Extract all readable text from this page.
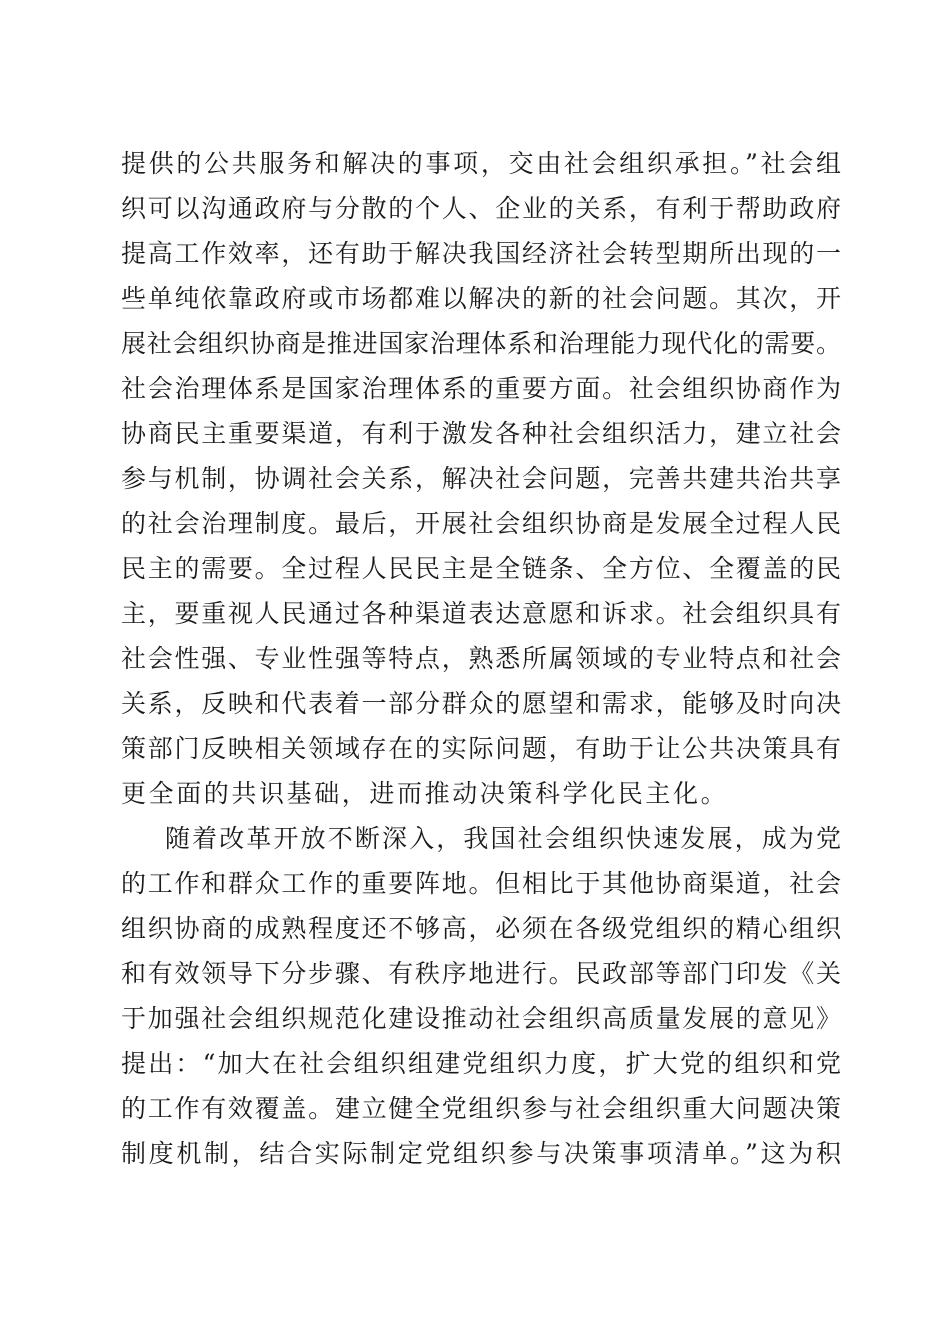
提供的公共服务和解决的事项，交由社会组织承担。”社会组
织可以沟通政府与分散的个人、企业的关系，有利于帮助政府
提高工作效率，还有助于解决我国经济社会转型期所出现的一
些单纯依靠政府或市场都难以解决的新的社会问题。其次，开
展社会组织协商是推进国家治理体系和治理能力现代化的需要。
社会治理体系是国家治理体系的重要方面。社会组织协商作为
协商民主重要渠道，有利于激发各种社会组织活力，建立社会
参与机制，协调社会关系，解决社会问题，完善共建共治共享
的社会治理制度。最后，开展社会组织协商是发展全过程人民
民主的需要。全过程人民民主是全链条、全方位、全覆盖的民
主，要重视人民通过各种渠道表达意愿和诉求。社会组织具有
社会性强、专业性强等特点，熟悉所属领域的专业特点和社会
关系，反映和代表着一部分群众的愿望和需求，能够及时向决
策部门反映相关领域存在的实际问题，有助于让公共决策具有
更全面的共识基础，进而推动决策科学化民主化。
随着改革开放不断深入，我国社会组织快速发展，成为党
的工作和群众工作的重要阵地。但相比于其他协商渠道，社会
组织协商的成熟程度还不够高，必须在各级党组织的精心组织
和有效领导下分步骤、有秩序地进行。民政部等部门印发《关
于加强社会组织规范化建设推动社会组织高质量发展的意见》
提出：“加大在社会组织组建党组织力度，扩大党的组织和党
的工作有效覆盖。建立健全党组织参与社会组织重大问题决策
制度机制，结合实际制定党组织参与决策事项清单。”这为积
